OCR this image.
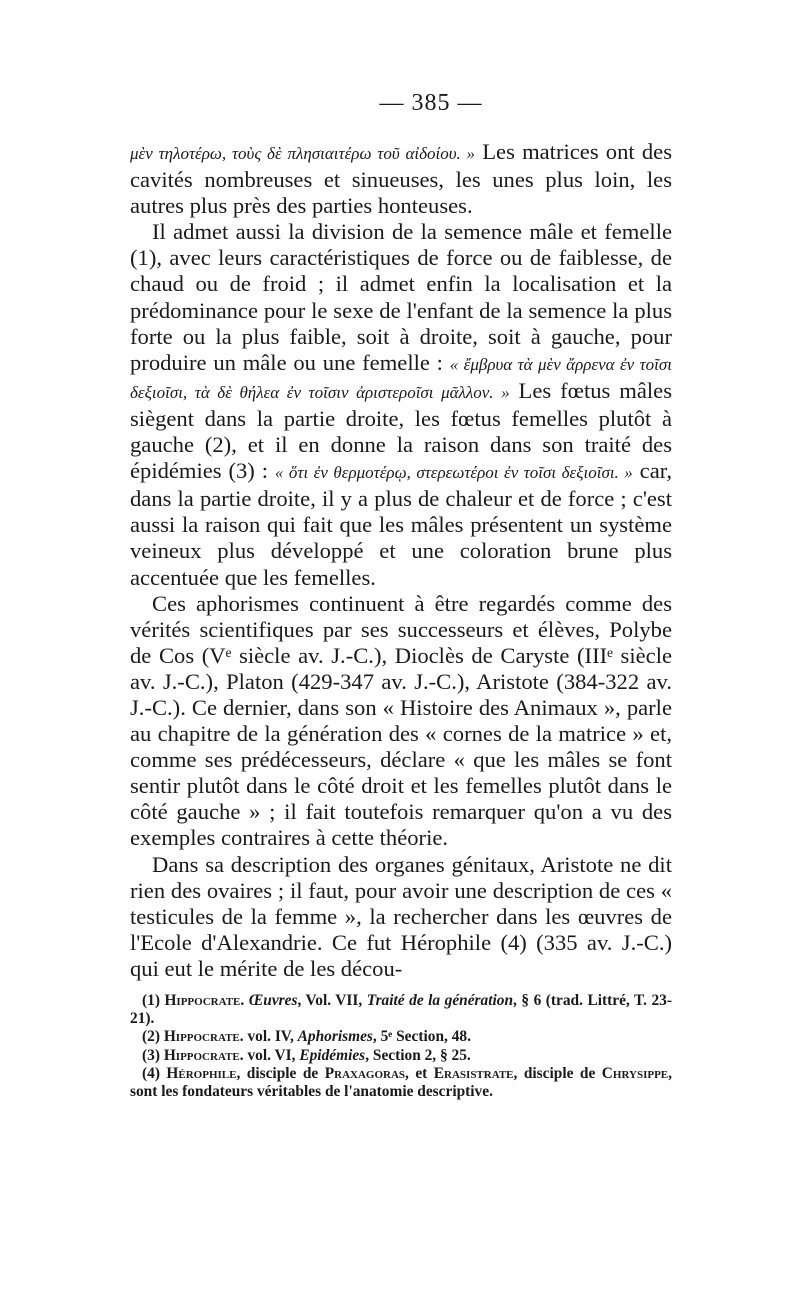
— 385 —

μὲν τηλοτέρω, τοὺς δὲ πλησιαιτέρω τοῦ αἰδοίου. » Les matrices ont des cavités nombreuses et sinueuses, les unes plus loin, les autres plus près des parties honteuses.

Il admet aussi la division de la semence mâle et femelle (1), avec leurs caractéristiques de force ou de faiblesse, de chaud ou de froid ; il admet enfin la localisation et la prédominance pour le sexe de l'enfant de la semence la plus forte ou la plus faible, soit à droite, soit à gauche, pour produire un mâle ou une femelle : « ἔμβρυα τὰ μὲν ἄρρενα ἐν τοῖσι δεξιοῖσι, τὰ δὲ θήλεα ἐν τοῖσιν ἀριστεροῖσι μᾶλλον. » Les fœtus mâles siègent dans la partie droite, les fœtus femelles plutôt à gauche (2), et il en donne la raison dans son traité des épidémies (3) : « ὅτι ἐν θερμοτέρῳ, στερεωτέροι ἐν τοῖσι δεξιοῖσι. » car, dans la partie droite, il y a plus de chaleur et de force ; c'est aussi la raison qui fait que les mâles présentent un système veineux plus développé et une coloration brune plus accentuée que les femelles.

Ces aphorismes continuent à être regardés comme des vérités scientifiques par ses successeurs et élèves, Polybe de Cos (Vᵉ siècle av. J.-C.), Dioclès de Caryste (IIIᵉ siècle av. J.-C.), Platon (429-347 av. J.-C.), Aristote (384-322 av. J.-C.). Ce dernier, dans son « Histoire des Animaux », parle au chapitre de la génération des « cornes de la matrice » et, comme ses prédécesseurs, déclare « que les mâles se font sentir plutôt dans le côté droit et les femelles plutôt dans le côté gauche » ; il fait toutefois remarquer qu'on a vu des exemples contraires à cette théorie.

Dans sa description des organes génitaux, Aristote ne dit rien des ovaires ; il faut, pour avoir une description de ces « testicules de la femme », la rechercher dans les œuvres de l'Ecole d'Alexandrie. Ce fut Hérophile (4) (335 av. J.-C.) qui eut le mérite de les décou-

(1) Hippocrate. Œuvres, Vol. VII, Traité de la génération, § 6 (trad. Littré, T. 23-21).

(2) Hippocrate. vol. IV, Aphorismes, 5ᵉ Section, 48.

(3) Hippocrate. vol. VI, Epidémies, Section 2, § 25.

(4) Hérophile, disciple de Praxagoras, et Erasistrate, disciple de Chrysippe, sont les fondateurs véritables de l'anatomie descriptive.
